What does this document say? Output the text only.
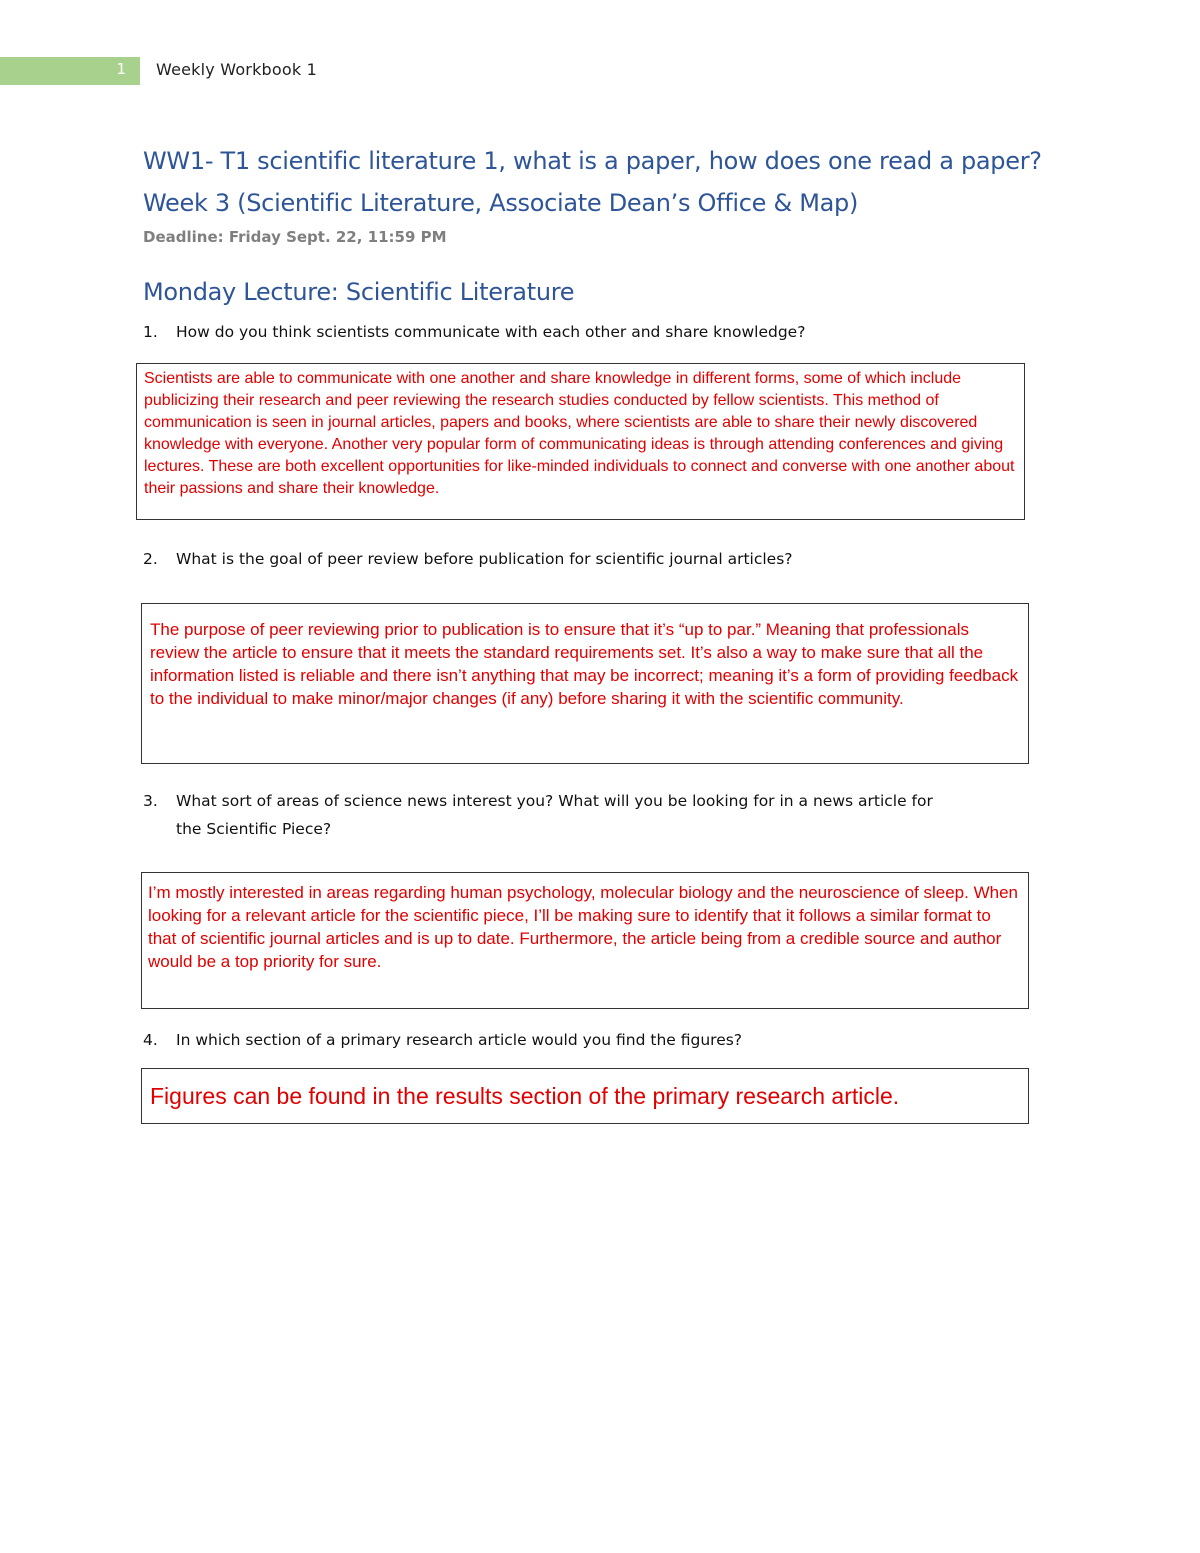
1 Weekly Workbook 1
WW1- T1 scientific literature 1, what is a paper, how does one read a paper? Week 3 (Scientific Literature, Associate Dean’s Office & Map)
Deadline: Friday Sept. 22, 11:59 PM
Monday Lecture: Scientific Literature
1. How do you think scientists communicate with each other and share knowledge?

Scientists are able to communicate with one another and share knowledge in different forms, some of which include publicizing their research and peer reviewing the research studies conducted by fellow scientists. This method of communication is seen in journal articles, papers and books, where scientists are able to share their newly discovered knowledge with everyone. Another very popular form of communicating ideas is through attending conferences and giving lectures. These are both excellent opportunities for like-minded individuals to connect and converse with one another about their passions and share their knowledge.

2. What is the goal of peer review before publication for scientific journal articles?

The purpose of peer reviewing prior to publication is to ensure that it’s “up to par.” Meaning that professionals review the article to ensure that it meets the standard requirements set. It’s also a way to make sure that all the information listed is reliable and there isn’t anything that may be incorrect; meaning it’s a form of providing feedback to the individual to make minor/major changes (if any) before sharing it with the scientific community.

3. What sort of areas of science news interest you? What will you be looking for in a news article for
the Scientific Piece?

I’m mostly interested in areas regarding human psychology, molecular biology and the neuroscience of sleep. When looking for a relevant article for the scientific piece, I’ll be making sure to identify that it follows a similar format to that of scientific journal articles and is up to date. Furthermore, the article being from a credible source and author would be a top priority for sure.

4. In which section of a primary research article would you find the figures?

Figures can be found in the results section of the primary research article.
